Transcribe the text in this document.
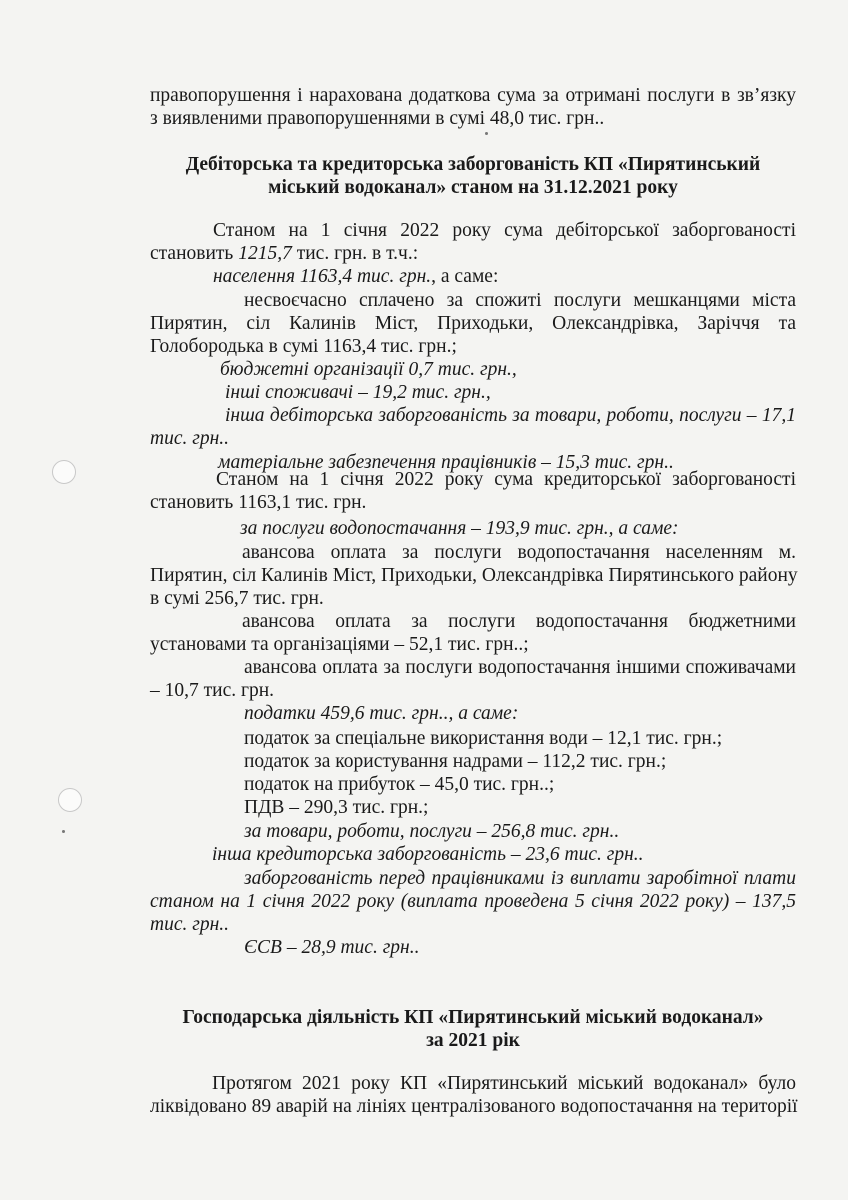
правопорушення і нарахована додаткова сума за отримані послуги в зв’язку
з виявленими правопорушеннями в сумі 48,0 тис. грн..
Дебіторська та кредиторська заборгованість КП «Пирятинський
міський водоканал» станом на 31.12.2021 року
Станом на 1 січня 2022 року сума дебіторської заборгованості
становить 1215,7 тис. грн. в т.ч.:
населення 1163,4 тис. грн., а саме:
несвоєчасно сплачено за спожиті послуги мешканцями міста
Пирятин, сіл Калинів Міст, Приходьки, Олександрівка, Заріччя та
Голобородька в сумі 1163,4 тис. грн.;
бюджетні організації 0,7 тис. грн.,
інші споживачі – 19,2 тис. грн.,
інша дебіторська заборгованість за товари, роботи, послуги – 17,1
тис. грн..
матеріальне забезпечення працівників – 15,3 тис. грн..
Станом на 1 січня 2022 року сума кредиторської заборгованості
становить 1163,1 тис. грн.
за послуги водопостачання – 193,9 тис. грн., а саме:
авансова оплата за послуги водопостачання населенням м.
Пирятин, сіл Калинів Міст, Приходьки, Олександрівка Пирятинського району
в сумі 256,7 тис. грн.
авансова оплата за послуги водопостачання бюджетними
установами та організаціями – 52,1 тис. грн..;
авансова оплата за послуги водопостачання іншими споживачами
– 10,7 тис. грн.
податки 459,6 тис. грн.., а саме:
податок за спеціальне використання води – 12,1 тис. грн.;
податок за користування надрами – 112,2 тис. грн.;
податок на прибуток – 45,0 тис. грн..;
ПДВ – 290,3 тис. грн.;
за товари, роботи, послуги – 256,8 тис. грн..
інша кредиторська заборгованість – 23,6 тис. грн..
заборгованість перед працівниками із виплати заробітної плати
станом на 1 січня 2022 року (виплата проведена 5 січня 2022 року) – 137,5
тис. грн..
ЄСВ – 28,9 тис. грн..
Господарська діяльність КП «Пирятинський міський водоканал»
за 2021 рік
Протягом 2021 року КП «Пирятинський міський водоканал» було
ліквідовано 89 аварій на лініях централізованого водопостачання на території
